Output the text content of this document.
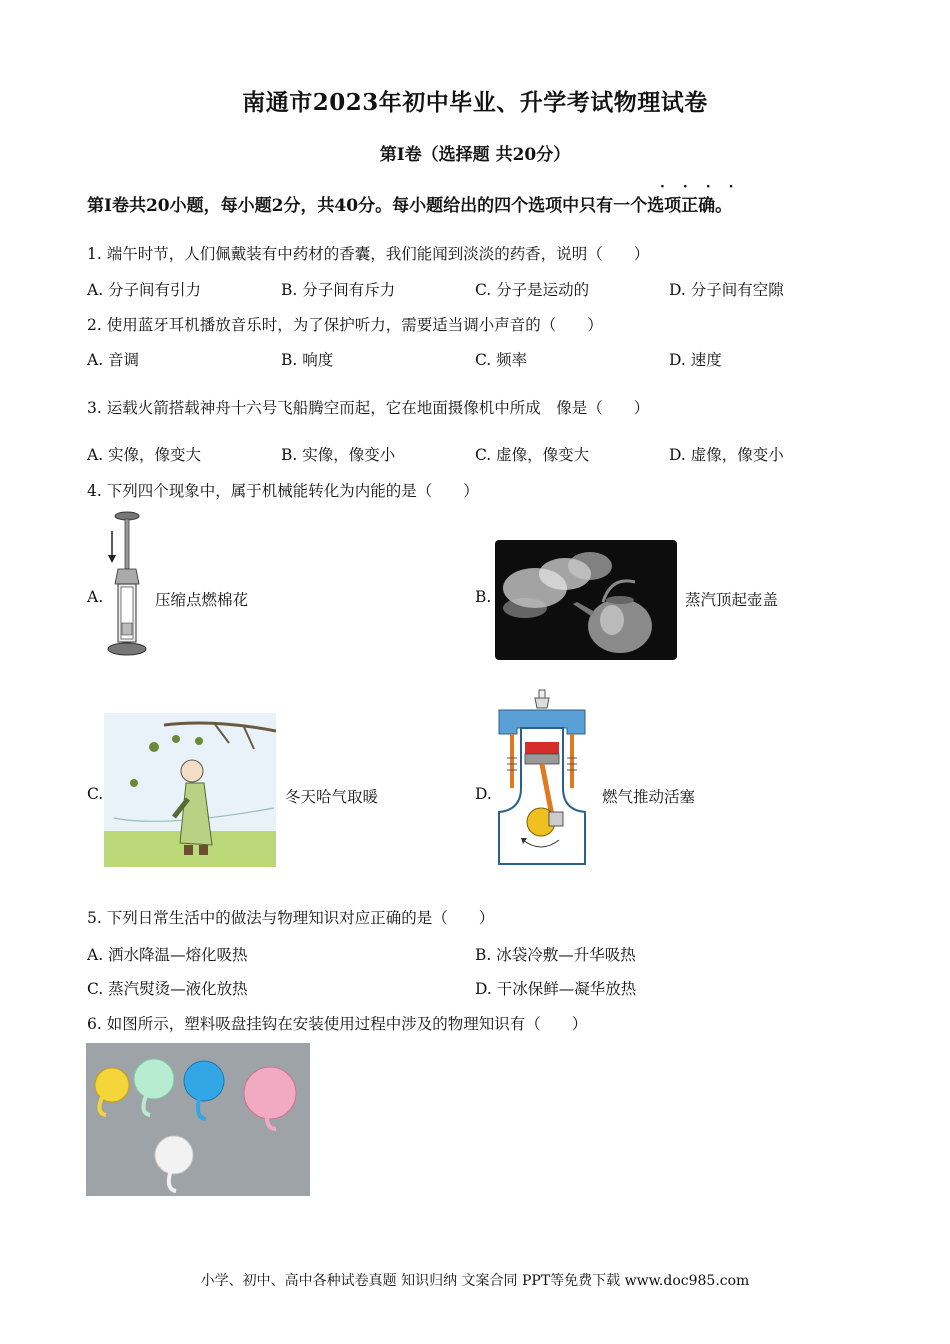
南通市2023年初中毕业、升学考试物理试卷
第Ⅰ卷（选择题 共20分）
····
第Ⅰ卷共20小题，每小题2分，共40分。每小题给出的四个选项中只有一个选项正确。
1. 端午时节，人们佩戴装有中药材的香囊，我们能闻到淡淡的药香，说明（　　）
A. 分子间有引力	B. 分子间有斥力	C. 分子是运动的	D. 分子间有空隙
2. 使用蓝牙耳机播放音乐时，为了保护听力，需要适当调小声音的（　　）
A. 音调	B. 响度	C. 频率	D. 速度
3. 运载火箭搭载神舟十六号飞船腾空而起，它在地面摄像机中所成　像是（　　）
A. 实像，像变大	B. 实像，像变小	C. 虚像，像变大	D. 虚像，像变小
4. 下列四个现象中，属于机械能转化为内能的是（　　）
A.	压缩点燃棉花	B.	蒸汽顶起壶盖
C.	冬天哈气取暖	D.	燃气推动活塞
5. 下列日常生活中的做法与物理知识对应正确的是（　　）
A. 洒水降温—熔化吸热	B. 冰袋冷敷—升华吸热
C. 蒸汽熨烫—液化放热	D. 干冰保鲜—凝华放热
6. 如图所示，塑料吸盘挂钩在安装使用过程中涉及的物理知识有（　　）
小学、初中、高中各种试卷真题 知识归纳 文案合同 PPT等免费下载 www.doc985.com
